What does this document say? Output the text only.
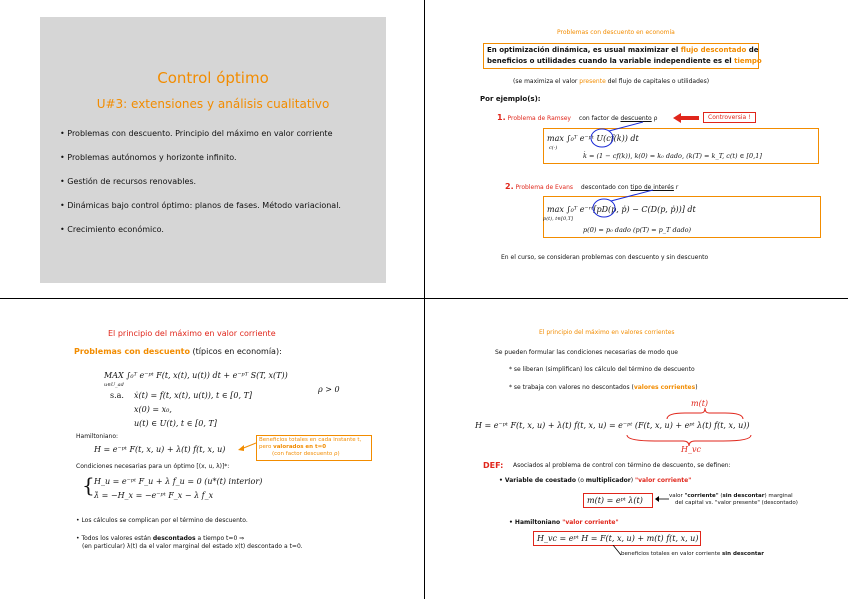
Control óptimo
U#3: extensiones y análisis cualitativo
• Problemas con descuento. Principio del máximo en valor corriente
• Problemas autónomos y horizonte infinito.
• Gestión de recursos renovables.
• Dinámicas bajo control óptimo: planos de fases. Método variacional.
• Crecimiento económico.
Problemas con descuento en economía
En optimización dinámica, es usual maximizar el flujo descontado de
beneficios o utilidades cuando la variable independiente es el tiempo
(se maximiza el valor presente del flujo de capitales o utilidades)
Por ejemplo(s):
1. Problema de Ramsey con factor de descuento ρ	Controversia !
max ∫₀ᵀ e⁻ᵖᵗ U(cf(k)) dt
c(·)
k̇ = (1 − cf(k)), k(0) = k₀ dado, (k(T) = k_T, c(t) ∈ [0,1]
2. Problema de Evans descontado con tipo de interés r
max ∫₀ᵀ e⁻ʳᵗ[pD(p, ṗ) − C(D(p, ṗ))] dt
p(t), t∈[0,T]
p(0) = p₀ dado (p(T) = p_T dado)
En el curso, se consideran problemas con descuento y sin descuento
El principio del máximo en valor corriente
Problemas con descuento (típicos en economía):
MAX ∫₀ᵀ e⁻ᵖᵗ F(t, x(t), u(t)) dt + e⁻ᵖᵀ S(T, x(T))
u∈U_ad	ρ > 0
s.a. ẋ(t) = f(t, x(t), u(t)), t ∈ [0, T]
x(0) = x₀,
u(t) ∈ U(t), t ∈ [0, T]
Hamiltoniano:
H = e⁻ᵖᵗ F(t, x, u) + λ(t) f(t, x, u)
Beneficios totales en cada instante t,
pero valorados en t=0
(con factor descuento ρ)
Condiciones necesarias para un óptimo [(x, u, λ)]*:
{ H_u = e⁻ᵖᵗ F_u + λ f_u = 0 (u*(t) interior)
λ̇ = −H_x = −e⁻ᵖᵗ F_x − λ f_x
• Los cálculos se complican por el término de descuento.
• Todos los valores están descontados a tiempo t=0 ⇒
(en particular) λ(t) da el valor marginal del estado x(t) descontado a t=0.
El principio del máximo en valores corrientes
Se pueden formular las condiciones necesarias de modo que
* se liberan (simplifican) los cálculo del término de descuento
* se trabaja con valores no descontados (valores corrientes)
m(t)
H = e⁻ᵖᵗ F(t, x, u) + λ(t) f(t, x, u) = e⁻ᵖᵗ (F(t, x, u) + eᵖᵗ λ(t) f(t, x, u))
H_vc
DEF: Asociados al problema de control con término de descuento, se definen:
• Variable de coestado (o multiplicador) "valor corriente"
m(t) = eᵖᵗ λ(t)	valor "corriente" (sin descontar) marginal
del capital vs. "valor presente" (descontado)
• Hamiltoniano "valor corriente"
H_vc = eᵖᵗ H = F(t, x, u) + m(t) f(t, x, u)
beneficios totales en valor corriente sin descontar
